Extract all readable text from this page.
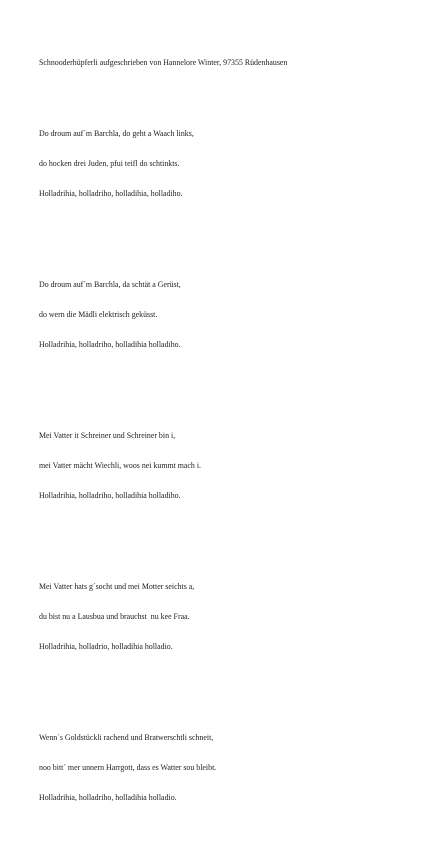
Schnooderhüpferli aufgeschrieben von Hannelore Winter, 97355 Rüdenhausen

Do droum auf´m Barchla, do geht a Waach links,

do hocken drei Juden, pfui teifl do schtinkts.

Holladrihia, holladriho, holladihia, holladiho.

Do droum auf´m Barchla, da schtät a Gerüst,

do wern die Mädli elektrisch geküsst.

Holladrihia, holladriho, holladihia holladiho.

Mei Vatter it Schreiner und Schreiner bin i,

mei Vatter mächt Wiechli, woos nei kummt mach i.

Holladrihia, holladriho, holladihia holladiho.

Mei Vatter hats g´socht und mei Motter seichts a,

du bist nu a Lausbua und brauchst  nu kee Fraa.

Holladrihia, holladrio, holladihia holladio.

Wenn´s Goldstückli rachend und Bratwerschtli schneit,

noo bitt´ mer unnern Harrgott, dass es Watter sou bleibt.

Holladrihia, holladriho, holladihia holladio.
